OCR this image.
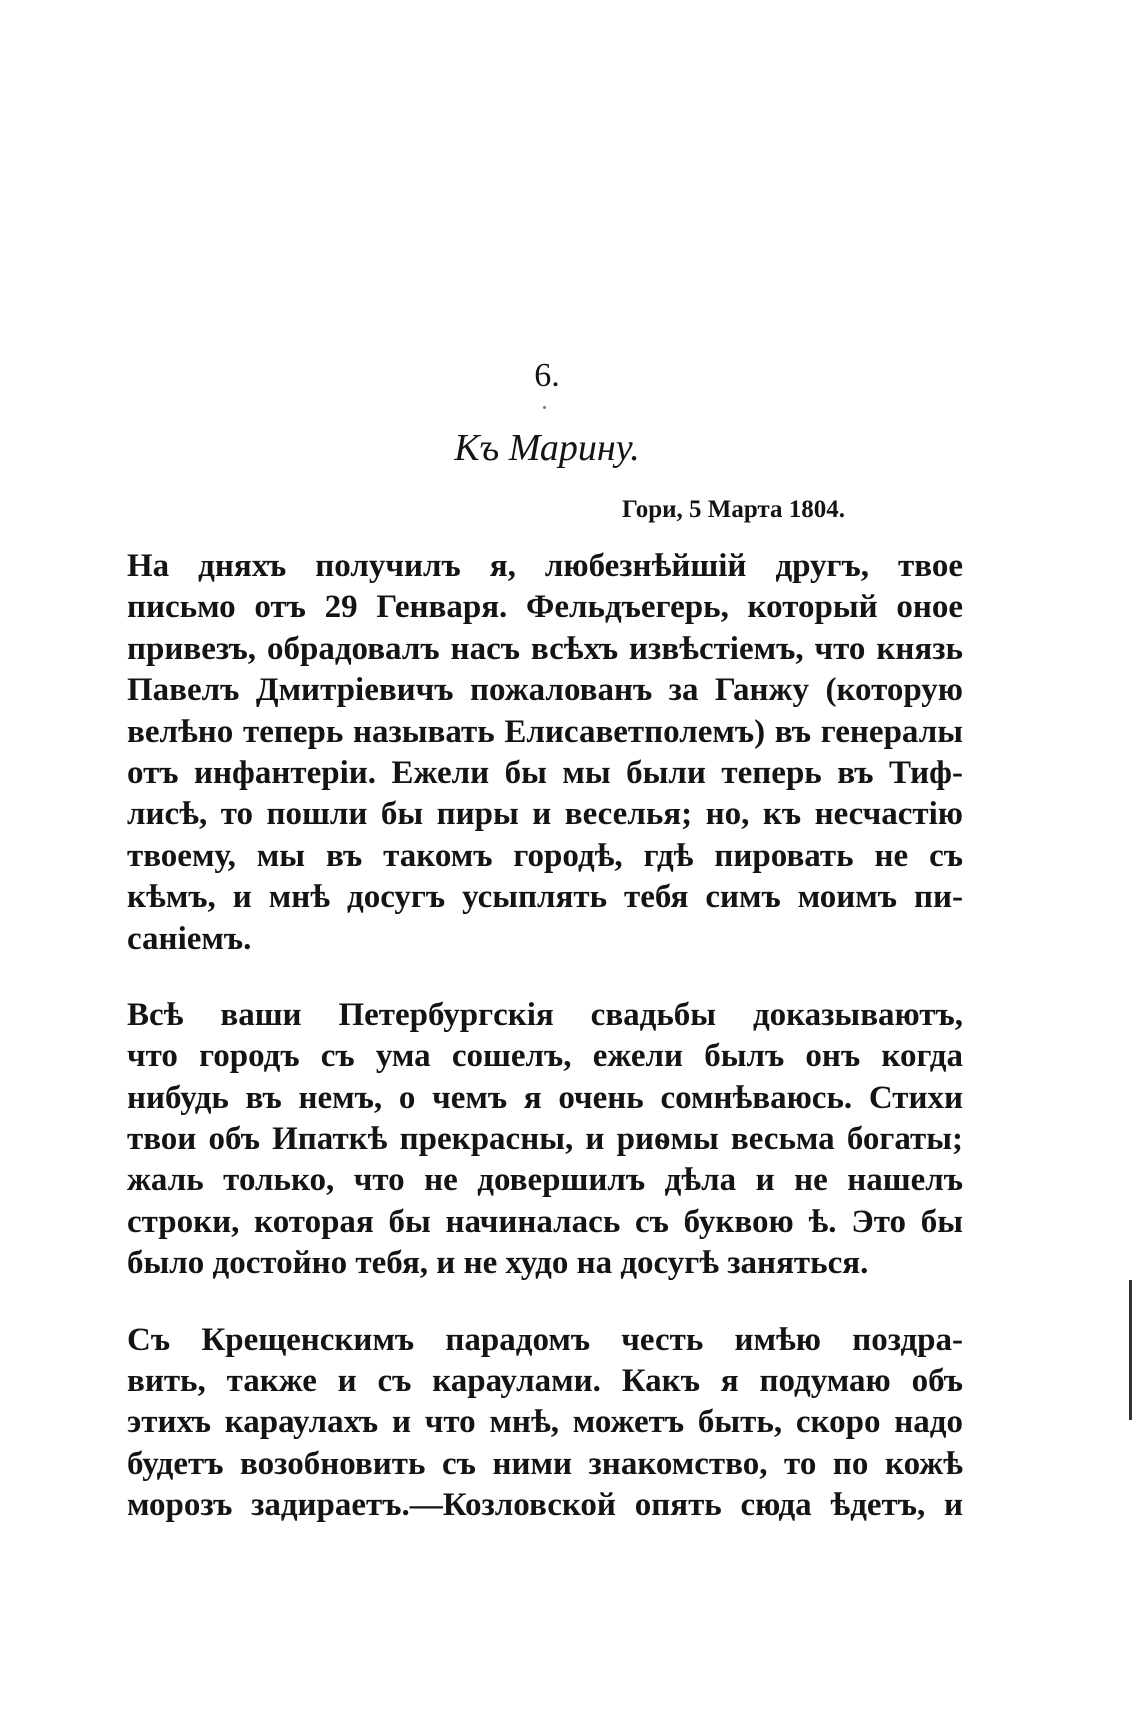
6.
Къ Марину.
Гори, 5 Марта 1804.
На дняхъ получилъ я, любезнѣйшій другъ, твое
письмо отъ 29 Генваря. Фельдъегерь, который оное
привезъ, обрадовалъ насъ всѣхъ извѣстіемъ, что князь
Павелъ Дмитріевичъ пожалованъ за Ганжу (которую
велѣно теперь называть Елисаветполемъ) въ генералы
отъ инфантеріи. Ежели бы мы были теперь въ Тиф-
лисѣ, то пошли бы пиры и веселья; но, къ несчастію
твоему, мы въ такомъ городѣ, гдѣ пировать не съ
кѣмъ, и мнѣ досугъ усыплять тебя симъ моимъ пи-
саніемъ.
Всѣ ваши Петербургскія свадьбы доказываютъ,
что городъ съ ума сошелъ, ежели былъ онъ когда
нибудь въ немъ, о чемъ я очень сомнѣваюсь. Стихи
твои объ Ипаткѣ прекрасны, и риѳмы весьма богаты;
жаль только, что не довершилъ дѣла и не нашелъ
строки, которая бы начиналась съ буквою ѣ. Это бы
было достойно тебя, и не худо на досугѣ заняться.
Съ Крещенскимъ парадомъ честь имѣю поздра-
вить, также и съ караулами. Какъ я подумаю объ
этихъ караулахъ и что мнѣ, можетъ быть, скоро надо
будетъ возобновить съ ними знакомство, то по кожѣ
морозъ задираетъ.—Козловской опять сюда ѣдетъ, и
